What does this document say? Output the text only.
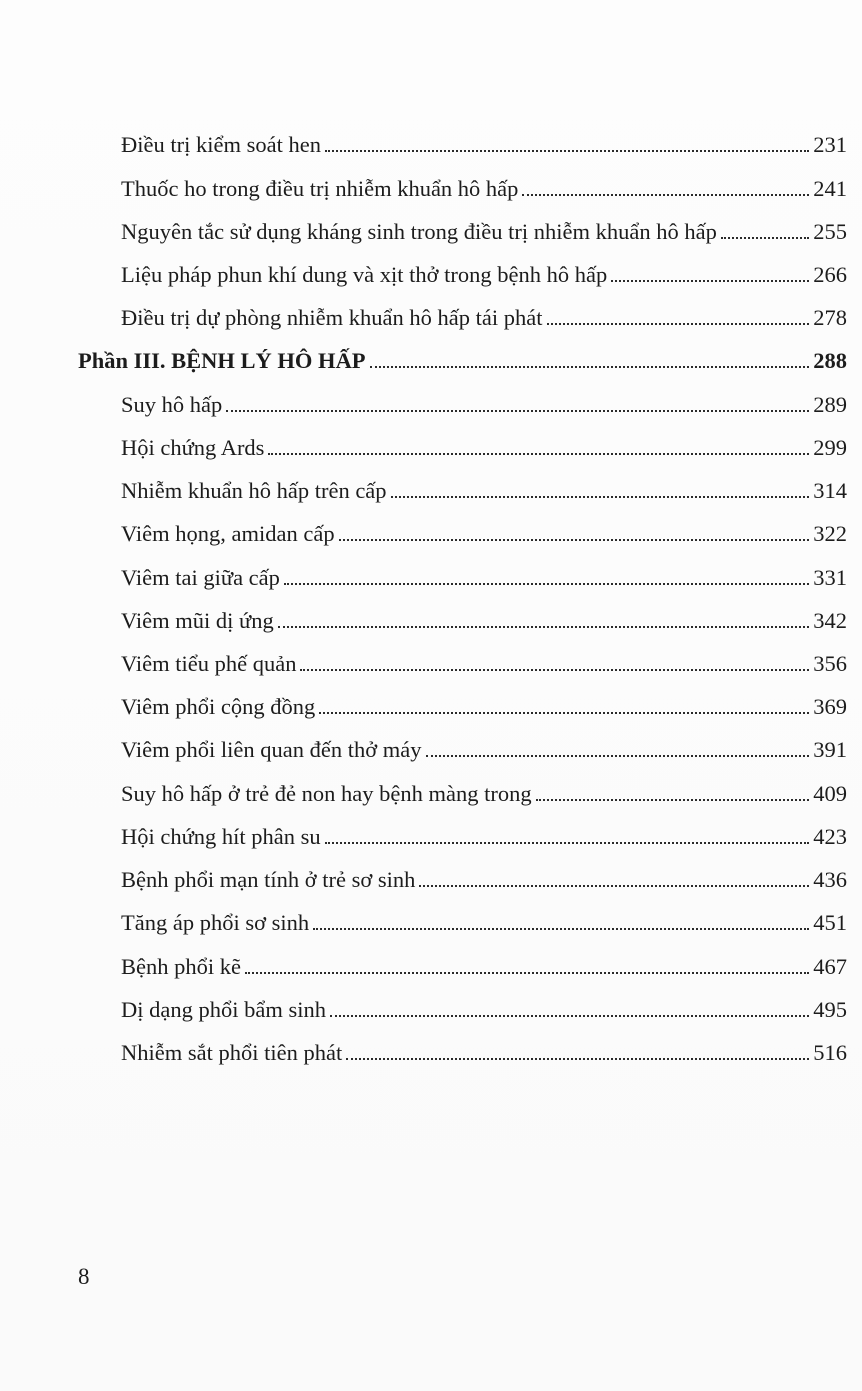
Điều trị kiểm soát hen	231
Thuốc ho trong điều trị nhiễm khuẩn hô hấp	241
Nguyên tắc sử dụng kháng sinh trong điều trị nhiễm khuẩn hô hấp	255
Liệu pháp phun khí dung và xịt thở trong bệnh hô hấp	266
Điều trị dự phòng nhiễm khuẩn hô hấp tái phát	278
Phần III. BỆNH LÝ HÔ HẤP	288
Suy hô hấp	289
Hội chứng Ards	299
Nhiễm khuẩn hô hấp trên cấp	314
Viêm họng, amidan cấp	322
Viêm tai giữa cấp	331
Viêm mũi dị ứng	342
Viêm tiểu phế quản	356
Viêm phổi cộng đồng	369
Viêm phổi liên quan đến thở máy	391
Suy hô hấp ở trẻ đẻ non hay bệnh màng trong	409
Hội chứng hít phân su	423
Bệnh phổi mạn tính ở trẻ sơ sinh	436
Tăng áp phổi sơ sinh	451
Bệnh phổi kẽ	467
Dị dạng phổi bẩm sinh	495
Nhiễm sắt phổi tiên phát	516
8
